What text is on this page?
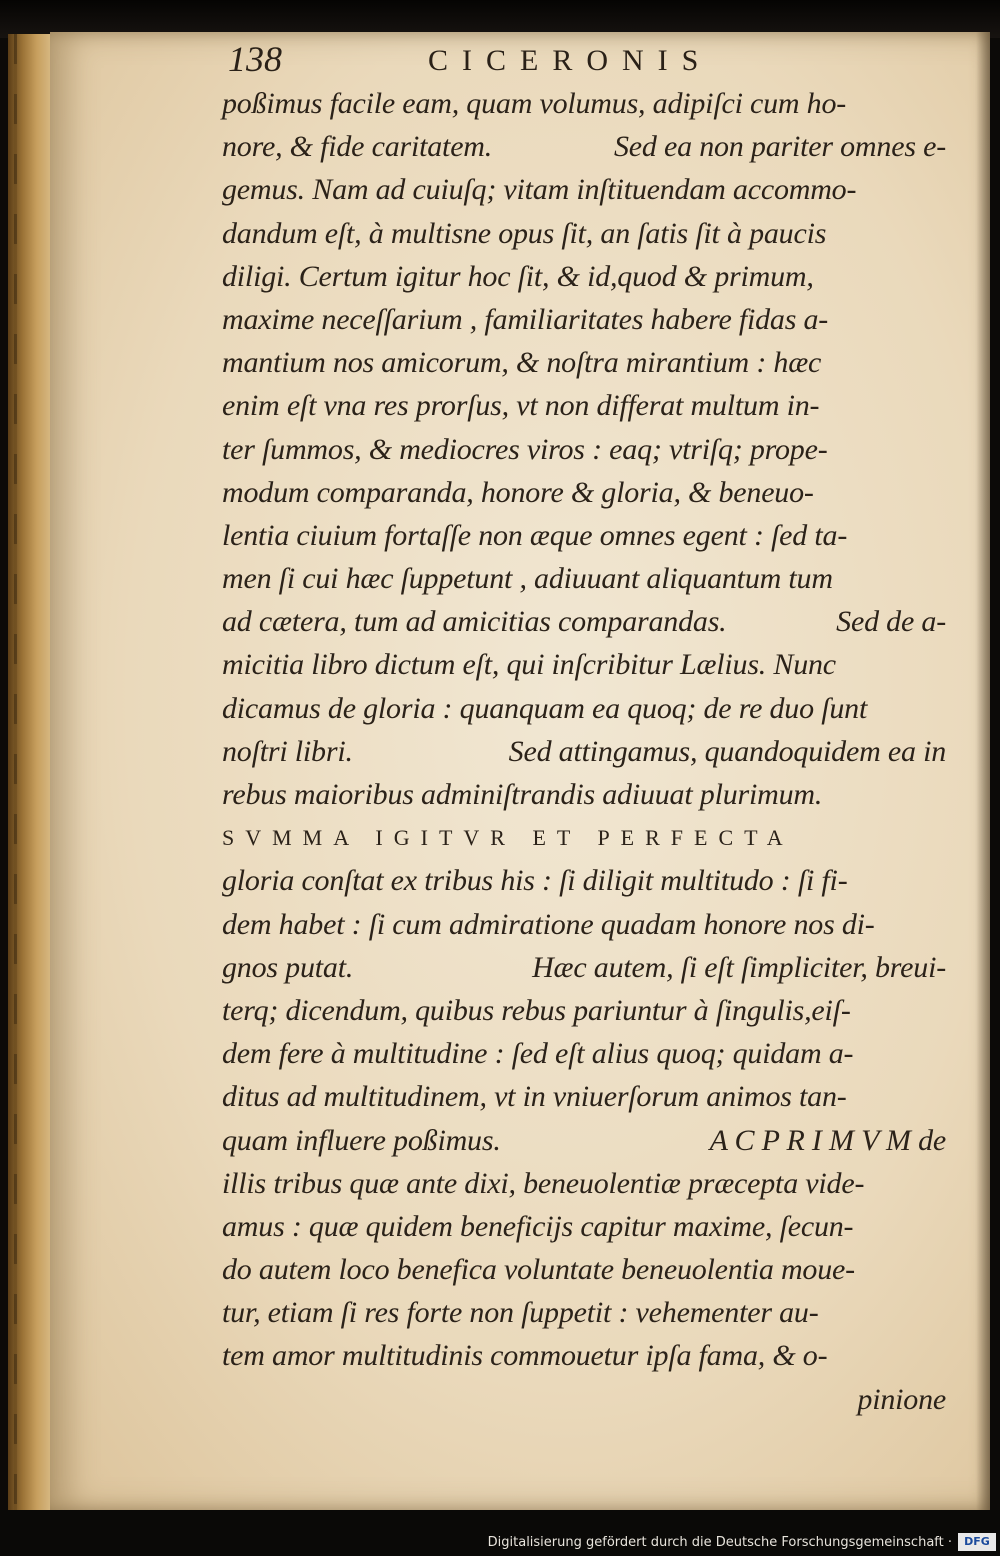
138	CICERONIS
poßimus facile eam, quam volumus, adipiſci cum ho-
nore, & fide caritatem.	Sed ea non pariter omnes e-
gemus. Nam ad cuiuſq; vitam inſtituendam accommo-
dandum eſt, à multisne opus ſit, an ſatis ſit à paucis
diligi. Certum igitur hoc ſit, & id,quod & primum,
maxime neceſſarium , familiaritates habere fidas a-
mantium nos amicorum, & noſtra mirantium : hæc
enim eſt vna res prorſus, vt non differat multum in-
ter ſummos, & mediocres viros : eaq; vtriſq; prope-
modum comparanda, honore & gloria, & beneuo-
lentia ciuium fortaſſe non æque omnes egent : ſed ta-
men ſi cui hæc ſuppetunt , adiuuant aliquantum tum
ad cætera, tum ad amicitias comparandas.	Sed de a-
micitia libro dictum eſt, qui inſcribitur Lælius. Nunc
dicamus de gloria : quanquam ea quoq; de re duo ſunt
noſtri libri.	Sed attingamus, quandoquidem ea in
rebus maioribus adminiſtrandis adiuuat plurimum.
SVMMA IGITVR ET PERFECTA
gloria conſtat ex tribus his : ſi diligit multitudo : ſi fi-
dem habet : ſi cum admiratione quadam honore nos di-
gnos putat.	Hæc autem, ſi eſt ſimpliciter, breui-
terq; dicendum, quibus rebus pariuntur à ſingulis,eiſ-
dem fere à multitudine : ſed eſt alius quoq; quidam a-
ditus ad multitudinem, vt in vniuerſorum animos tan-
quam influere poßimus.	A C P R I M V M de
illis tribus quæ ante dixi, beneuolentiæ præcepta vide-
amus : quæ quidem beneficijs capitur maxime, ſecun-
do autem loco benefica voluntate beneuolentia moue-
tur, etiam ſi res forte non ſuppetit : vehementer au-
tem amor multitudinis commouetur ipſa fama, & o-
pinione
Digitalisierung gefördert durch die Deutsche Forschungsgemeinschaft ·	DFG
